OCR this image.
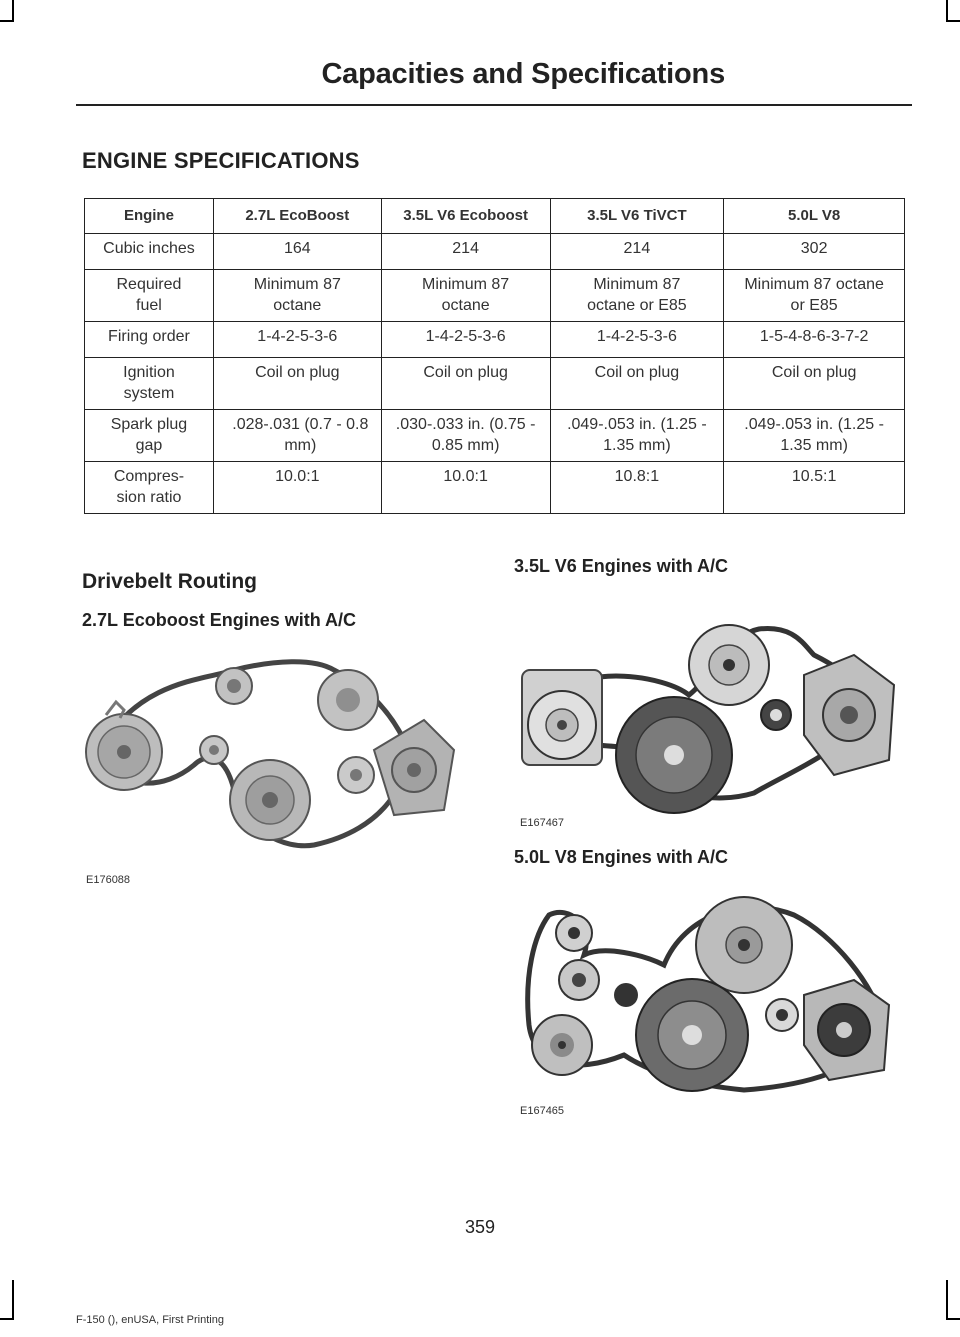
Capacities and Specifications
ENGINE SPECIFICATIONS
Engine	2.7L EcoBoost	3.5L V6 Ecoboost	3.5L V6 TiVCT	5.0L V8
Cubic inches	164	214	214	302
Required fuel	Minimum 87 octane	Minimum 87 octane	Minimum 87 octane or E85	Minimum 87 octane or E85
Firing order	1-4-2-5-3-6	1-4-2-5-3-6	1-4-2-5-3-6	1-5-4-8-6-3-7-2
Ignition system	Coil on plug	Coil on plug	Coil on plug	Coil on plug
Spark plug gap	.028-.031 (0.7 - 0.8 mm)	.030-.033 in. (0.75 - 0.85 mm)	.049-.053 in. (1.25 - 1.35 mm)	.049-.053 in. (1.25 - 1.35 mm)
Compres- sion ratio	10.0:1	10.0:1	10.8:1	10.5:1
Drivebelt Routing
2.7L Ecoboost Engines with A/C
3.5L V6 Engines with A/C
5.0L V8 Engines with A/C
E176088
E167467
E167465
359
F-150 (), enUSA, First Printing
